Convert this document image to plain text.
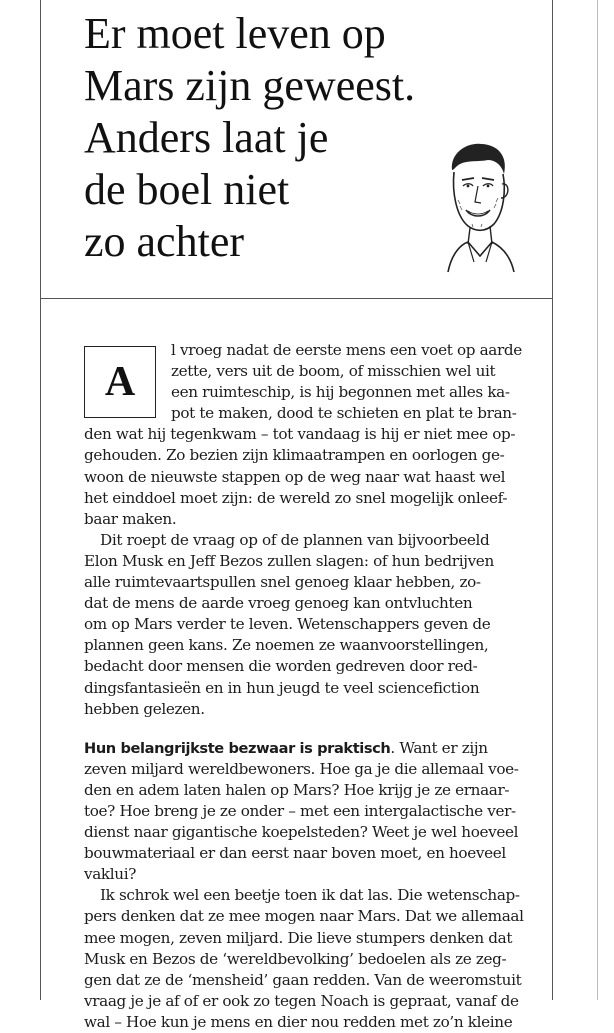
Er moet leven op
Mars zijn geweest.
Anders laat je
de boel niet
zo achter
A

l vroeg nadat de eerste mens een voet op aarde
zette, vers uit de boom, of misschien wel uit
een ruimteschip, is hij begonnen met alles ka-
pot te maken, dood te schieten en plat te bran-
den wat hij tegenkwam – tot vandaag is hij er niet mee op-
gehouden. Zo bezien zijn klimaatrampen en oorlogen ge-
woon de nieuwste stappen op de weg naar wat haast wel
het einddoel moet zijn: de wereld zo snel mogelijk onleef-
baar maken.

Dit roept de vraag op of de plannen van bijvoorbeeld
Elon Musk en Jeff Bezos zullen slagen: of hun bedrijven
alle ruimtevaartspullen snel genoeg klaar hebben, zo-
dat de mens de aarde vroeg genoeg kan ontvluchten
om op Mars verder te leven. Wetenschappers geven de
plannen geen kans. Ze noemen ze waanvoorstellingen,
bedacht door mensen die worden gedreven door red-
dingsfantasieën en in hun jeugd te veel sciencefiction
hebben gelezen.

Hun belangrijkste bezwaar is praktisch. Want er zijn
zeven miljard wereldbewoners. Hoe ga je die allemaal voe-
den en adem laten halen op Mars? Hoe krijg je ze ernaar-
toe? Hoe breng je ze onder – met een intergalactische ver-
dienst naar gigantische koepelsteden? Weet je wel hoeveel
bouwmateriaal er dan eerst naar boven moet, en hoeveel
vaklui?

Ik schrok wel een beetje toen ik dat las. Die wetenschap-
pers denken dat ze mee mogen naar Mars. Dat we allemaal
mee mogen, zeven miljard. Die lieve stumpers denken dat
Musk en Bezos de ‘wereldbevolking’ bedoelen als ze zeg-
gen dat ze de ‘mensheid’ gaan redden. Van de weeromstuit
vraag je je af of er ook zo tegen Noach is gepraat, vanaf de
wal – Hoe kun je mens en dier nou redden met zo’n kleine
